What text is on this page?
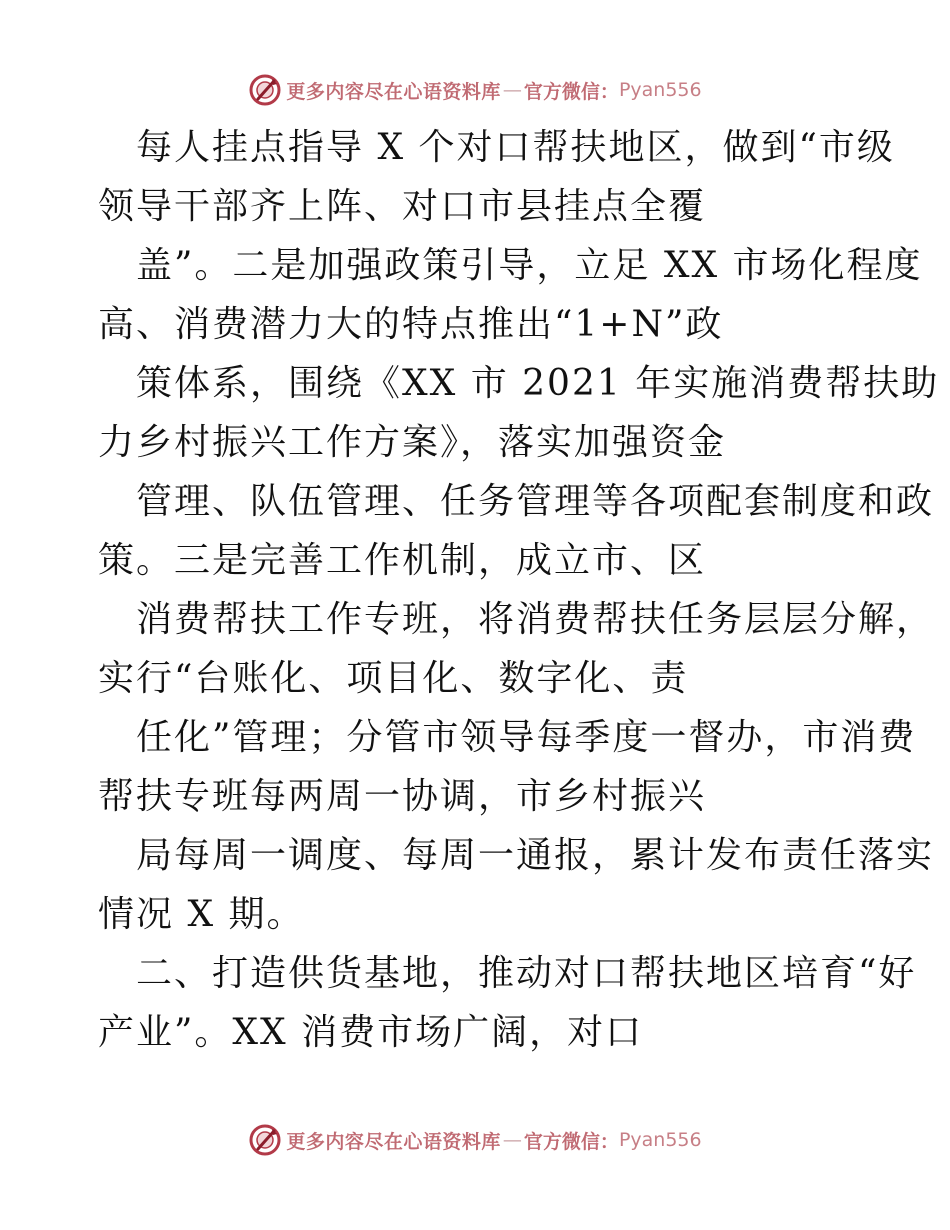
更多内容尽在心语资料库 — 官方微信： Pyan556
每人挂点指导 X 个对口帮扶地区，做到“市级
领导干部齐上阵、对口市县挂点全覆
盖”。二是加强政策引导，立足 XX 市场化程度
高、消费潜力大的特点推出“1+N”政
策体系，围绕《XX 市 2021 年实施消费帮扶助
力乡村振兴工作方案》，落实加强资金
管理、队伍管理、任务管理等各项配套制度和政
策。三是完善工作机制，成立市、区
消费帮扶工作专班，将消费帮扶任务层层分解，
实行“台账化、项目化、数字化、责
任化”管理；分管市领导每季度一督办，市消费
帮扶专班每两周一协调，市乡村振兴
局每周一调度、每周一通报，累计发布责任落实
情况 X 期。
二、打造供货基地，推动对口帮扶地区培育“好
产业”。XX 消费市场广阔，对口
更多内容尽在心语资料库 — 官方微信： Pyan556
